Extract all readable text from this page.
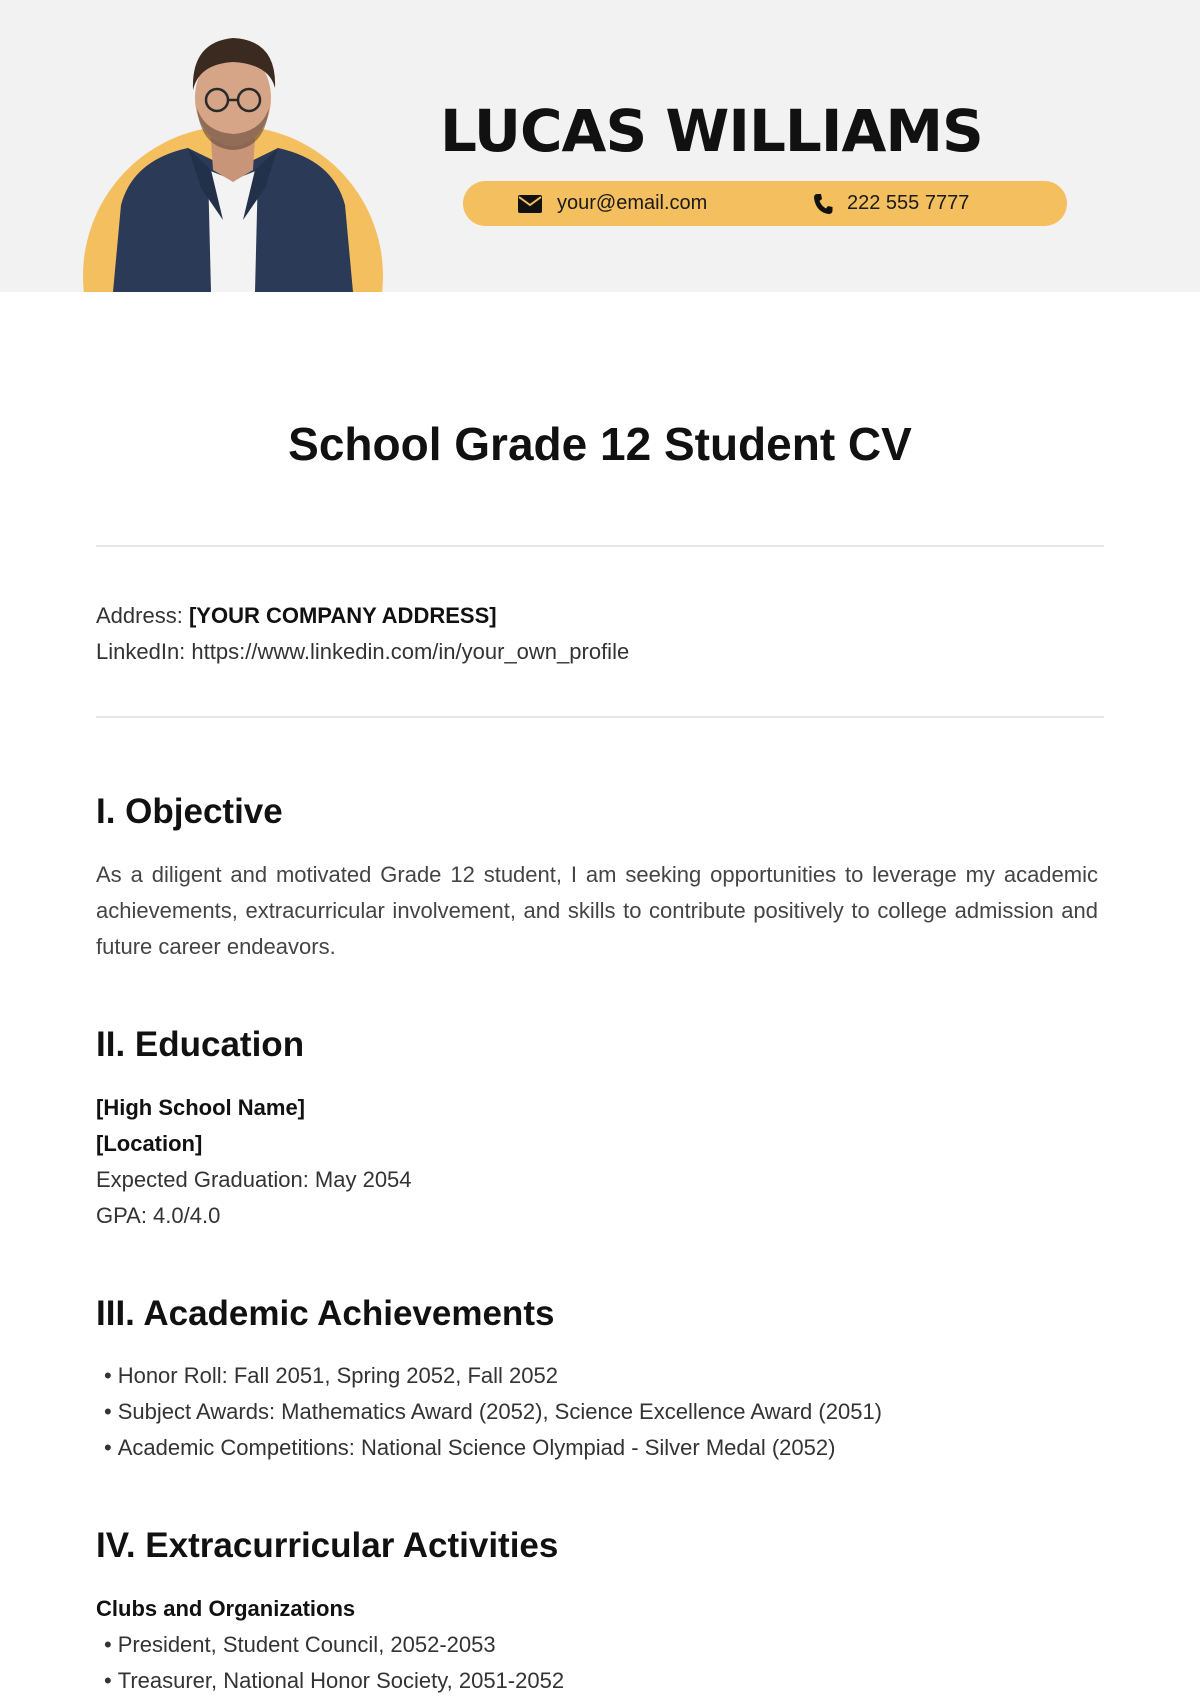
LUCAS WILLIAMS
your@email.com	222 555 7777
School Grade 12 Student CV
Address: [YOUR COMPANY ADDRESS]
LinkedIn: https://www.linkedin.com/in/your_own_profile
I. Objective

As a diligent and motivated Grade 12 student, I am seeking opportunities to leverage my academic achievements, extracurricular involvement, and skills to contribute positively to college admission and future career endeavors.

II. Education

[High School Name]

[Location]

Expected Graduation: May 2054
GPA: 4.0/4.0
III. Academic Achievements
• Honor Roll: Fall 2051, Spring 2052, Fall 2052
• Subject Awards: Mathematics Award (2052), Science Excellence Award (2051)
• Academic Competitions: National Science Olympiad - Silver Medal (2052)
IV. Extracurricular Activities

Clubs and Organizations

• President, Student Council, 2052-2053
• Treasurer, National Honor Society, 2051-2052
